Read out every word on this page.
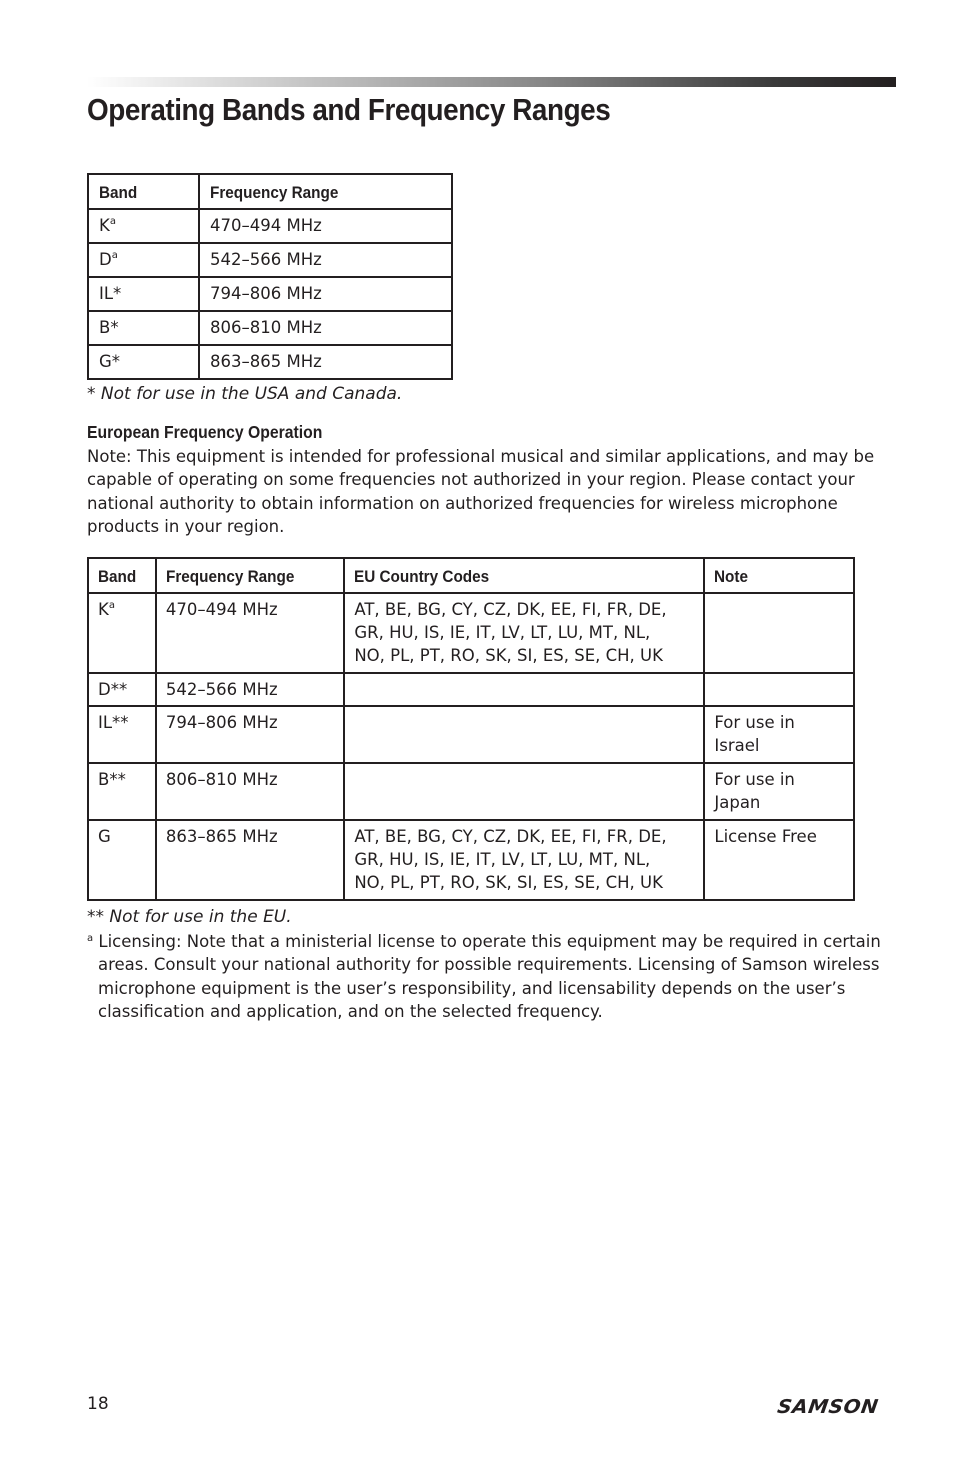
Operating Bands and Frequency Ranges
Band	Frequency Range
$K^a$	470–494 MHz
$D^a$	542–566 MHz
IL*	794–806 MHz
B*	806–810 MHz
G*	863–865 MHz

* Not for use in the USA and Canada.

European Frequency Operation

Note: This equipment is intended for professional musical and similar applications, and may be capable of operating on some frequencies not authorized in your region. Please contact your national authority to obtain information on authorized frequencies for wireless microphone products in your region.

Band	Frequency Range	EU Country Codes	Note
$K^a$	470–494 MHz	AT, BE, BG, CY, CZ, DK, EE, FI, FR, DE,
GR, HU, IS, IE, IT, LV, LT, LU, MT, NL,
NO, PL, PT, RO, SK, SI, ES, SE, CH, UK	
D**	542–566 MHz		
IL**	794–806 MHz		For use in
Israel
B**	806–810 MHz		For use in
Japan
G	863–865 MHz	AT, BE, BG, CY, CZ, DK, EE, FI, FR, DE,
GR, HU, IS, IE, IT, LV, LT, LU, MT, NL,
NO, PL, PT, RO, SK, SI, ES, SE, CH, UK	License Free

** Not for use in the EU.

$^a$ Licensing: Note that a ministerial license to operate this equipment may be required in certain areas. Consult your national authority for possible requirements. Licensing of Samson wireless microphone equipment is the user’s responsibility, and licensability depends on the user’s classification and application, and on the selected frequency.

18	SAMSON
